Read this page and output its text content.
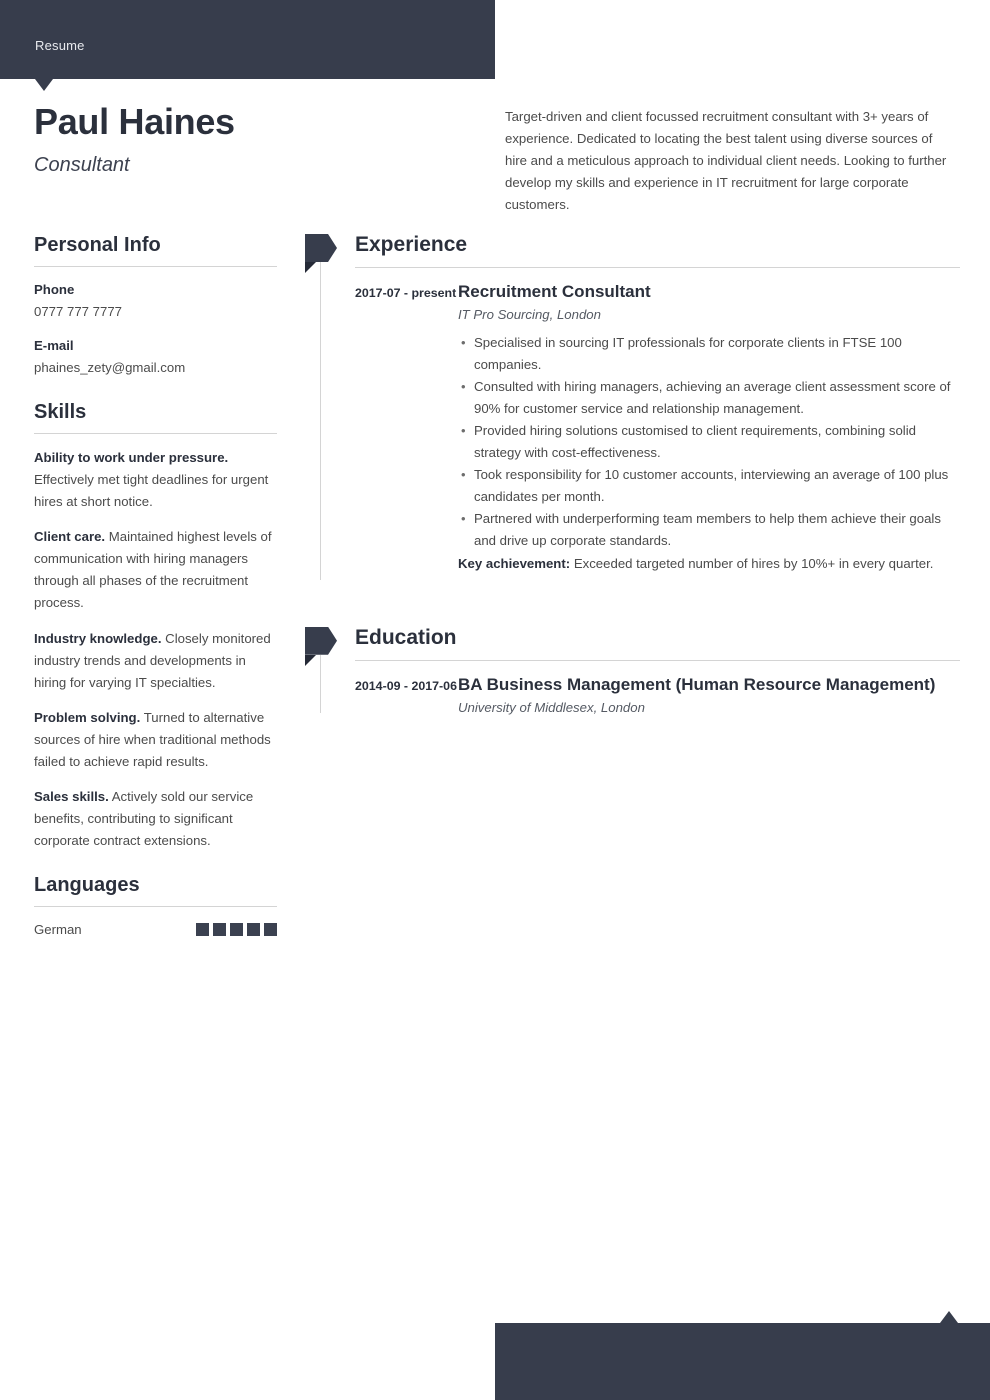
Resume
Paul Haines
Consultant
Target-driven and client focussed recruitment consultant with 3+ years of experience. Dedicated to locating the best talent using diverse sources of hire and a meticulous approach to individual client needs. Looking to further develop my skills and experience in IT recruitment for large corporate customers.
Personal Info
Phone
0777 777 7777
E-mail
phaines_zety@gmail.com
Skills

Ability to work under pressure. Effectively met tight deadlines for urgent hires at short notice.

Client care. Maintained highest levels of communication with hiring managers through all phases of the recruitment process.

Industry knowledge. Closely monitored industry trends and developments in hiring for varying IT specialties.

Problem solving. Turned to alternative sources of hire when traditional methods failed to achieve rapid results.

Sales skills. Actively sold our service benefits, contributing to significant corporate contract extensions.

Languages
German
Experience
2017-07 - present Recruitment Consultant

IT Pro Sourcing, London

• Specialised in sourcing IT professionals for corporate clients in FTSE 100 companies.
• Consulted with hiring managers, achieving an average client assessment score of 90% for customer service and relationship management.
• Provided hiring solutions customised to client requirements, combining solid strategy with cost-effectiveness.
• Took responsibility for 10 customer accounts, interviewing an average of 100 plus candidates per month.
• Partnered with underperforming team members to help them achieve their goals and drive up corporate standards.

Key achievement: Exceeded targeted number of hires by 10%+ in every quarter.

Education
2014-09 - 2017-06 BA Business Management (Human Resource Management)

University of Middlesex, London
